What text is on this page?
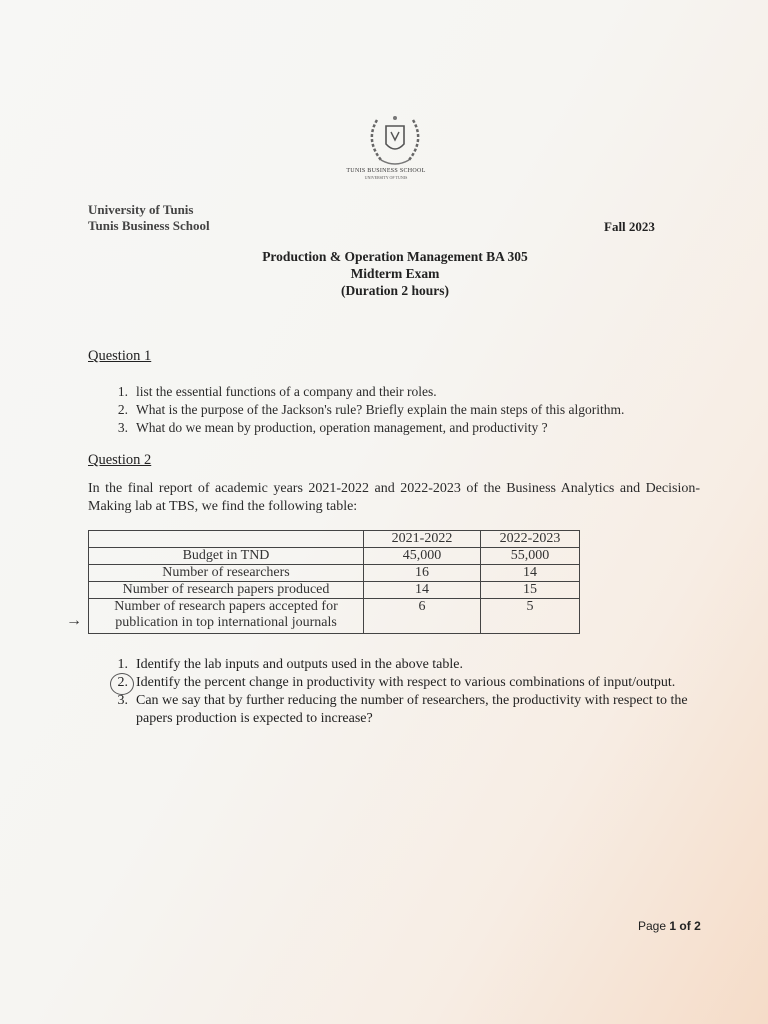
TUNIS BUSINESS SCHOOL
UNIVERSITY OF TUNIS
University of Tunis
Tunis Business School	Fall 2023
Production & Operation Management BA 305
Midterm Exam
(Duration 2 hours)
Question 1
1. list the essential functions of a company and their roles.
2. What is the purpose of the Jackson's rule? Briefly explain the main steps of this algorithm.
3. What do we mean by production, operation management, and productivity ?
Question 2
In the final report of academic years 2021-2022 and 2022-2023 of the Business Analytics and Decision-Making lab at TBS, we find the following table:
	2021-2022	2022-2023
Budget in TND	45,000	55,000
Number of researchers	16	14
Number of research papers produced	14	15
Number of research papers accepted for publication in top international journals	6	5
→
1. Identify the lab inputs and outputs used in the above table.
2. Identify the percent change in productivity with respect to various combinations of input/output.
3. Can we say that by further reducing the number of researchers, the productivity with respect to the papers production is expected to increase?
Page 1 of 2
